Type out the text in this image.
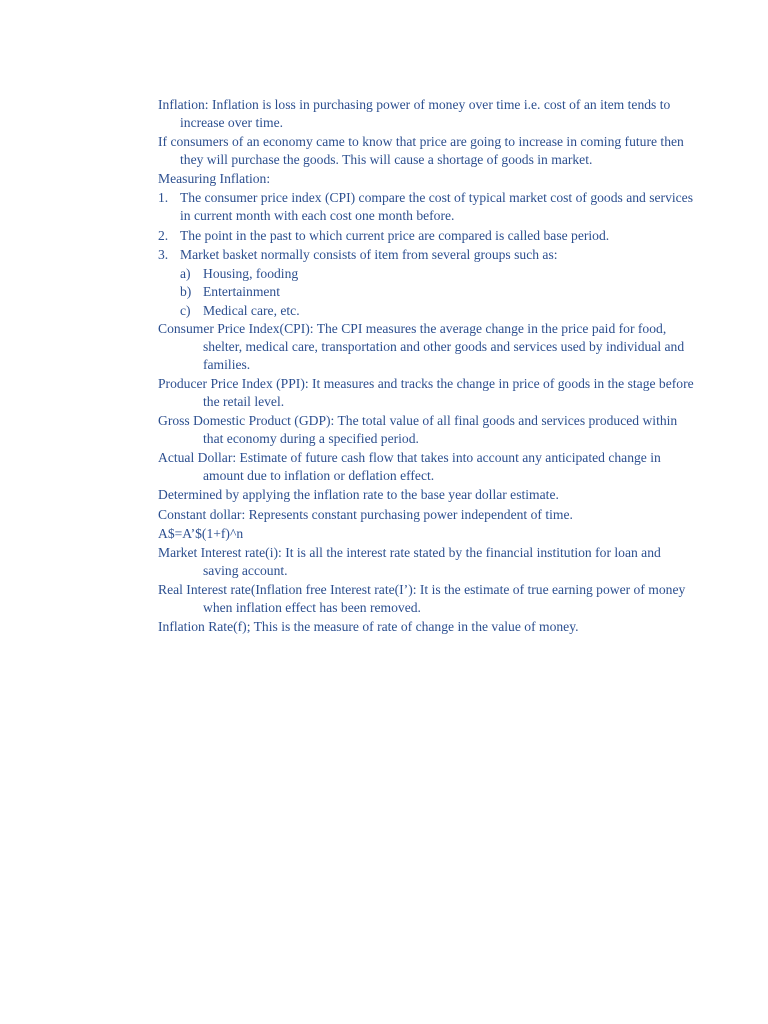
Inflation: Inflation is loss in purchasing power of money over time i.e. cost of an item tends to increase over time.

If consumers of an economy came to know that price are going to increase in coming future then they will purchase the goods. This will cause a shortage of goods in market.

Measuring Inflation:

1. The consumer price index (CPI) compare the cost of typical market cost of goods and services in current month with each cost one month before.
2. The point in the past to which current price are compared is called base period.
3. Market basket normally consists of item from several groups such as:
a) Housing, fooding
b) Entertainment
c) Medical care, etc.

Consumer Price Index(CPI): The CPI measures the average change in the price paid for food, shelter, medical care, transportation and other goods and services used by individual and families.

Producer Price Index (PPI): It measures and tracks the change in price of goods in the stage before the retail level.

Gross Domestic Product (GDP): The total value of all final goods and services produced within that economy during a specified period.

Actual Dollar: Estimate of future cash flow that takes into account any anticipated change in amount due to inflation or deflation effect.

Determined by applying the inflation rate to the base year dollar estimate.

Constant dollar: Represents constant purchasing power independent of time.

A$=A’$(1+f)^n

Market Interest rate(i): It is all the interest rate stated by the financial institution for loan and saving account.

Real Interest rate(Inflation free Interest rate(I’): It is the estimate of true earning power of money when inflation effect has been removed.

Inflation Rate(f); This is the measure of rate of change in the value of money.
